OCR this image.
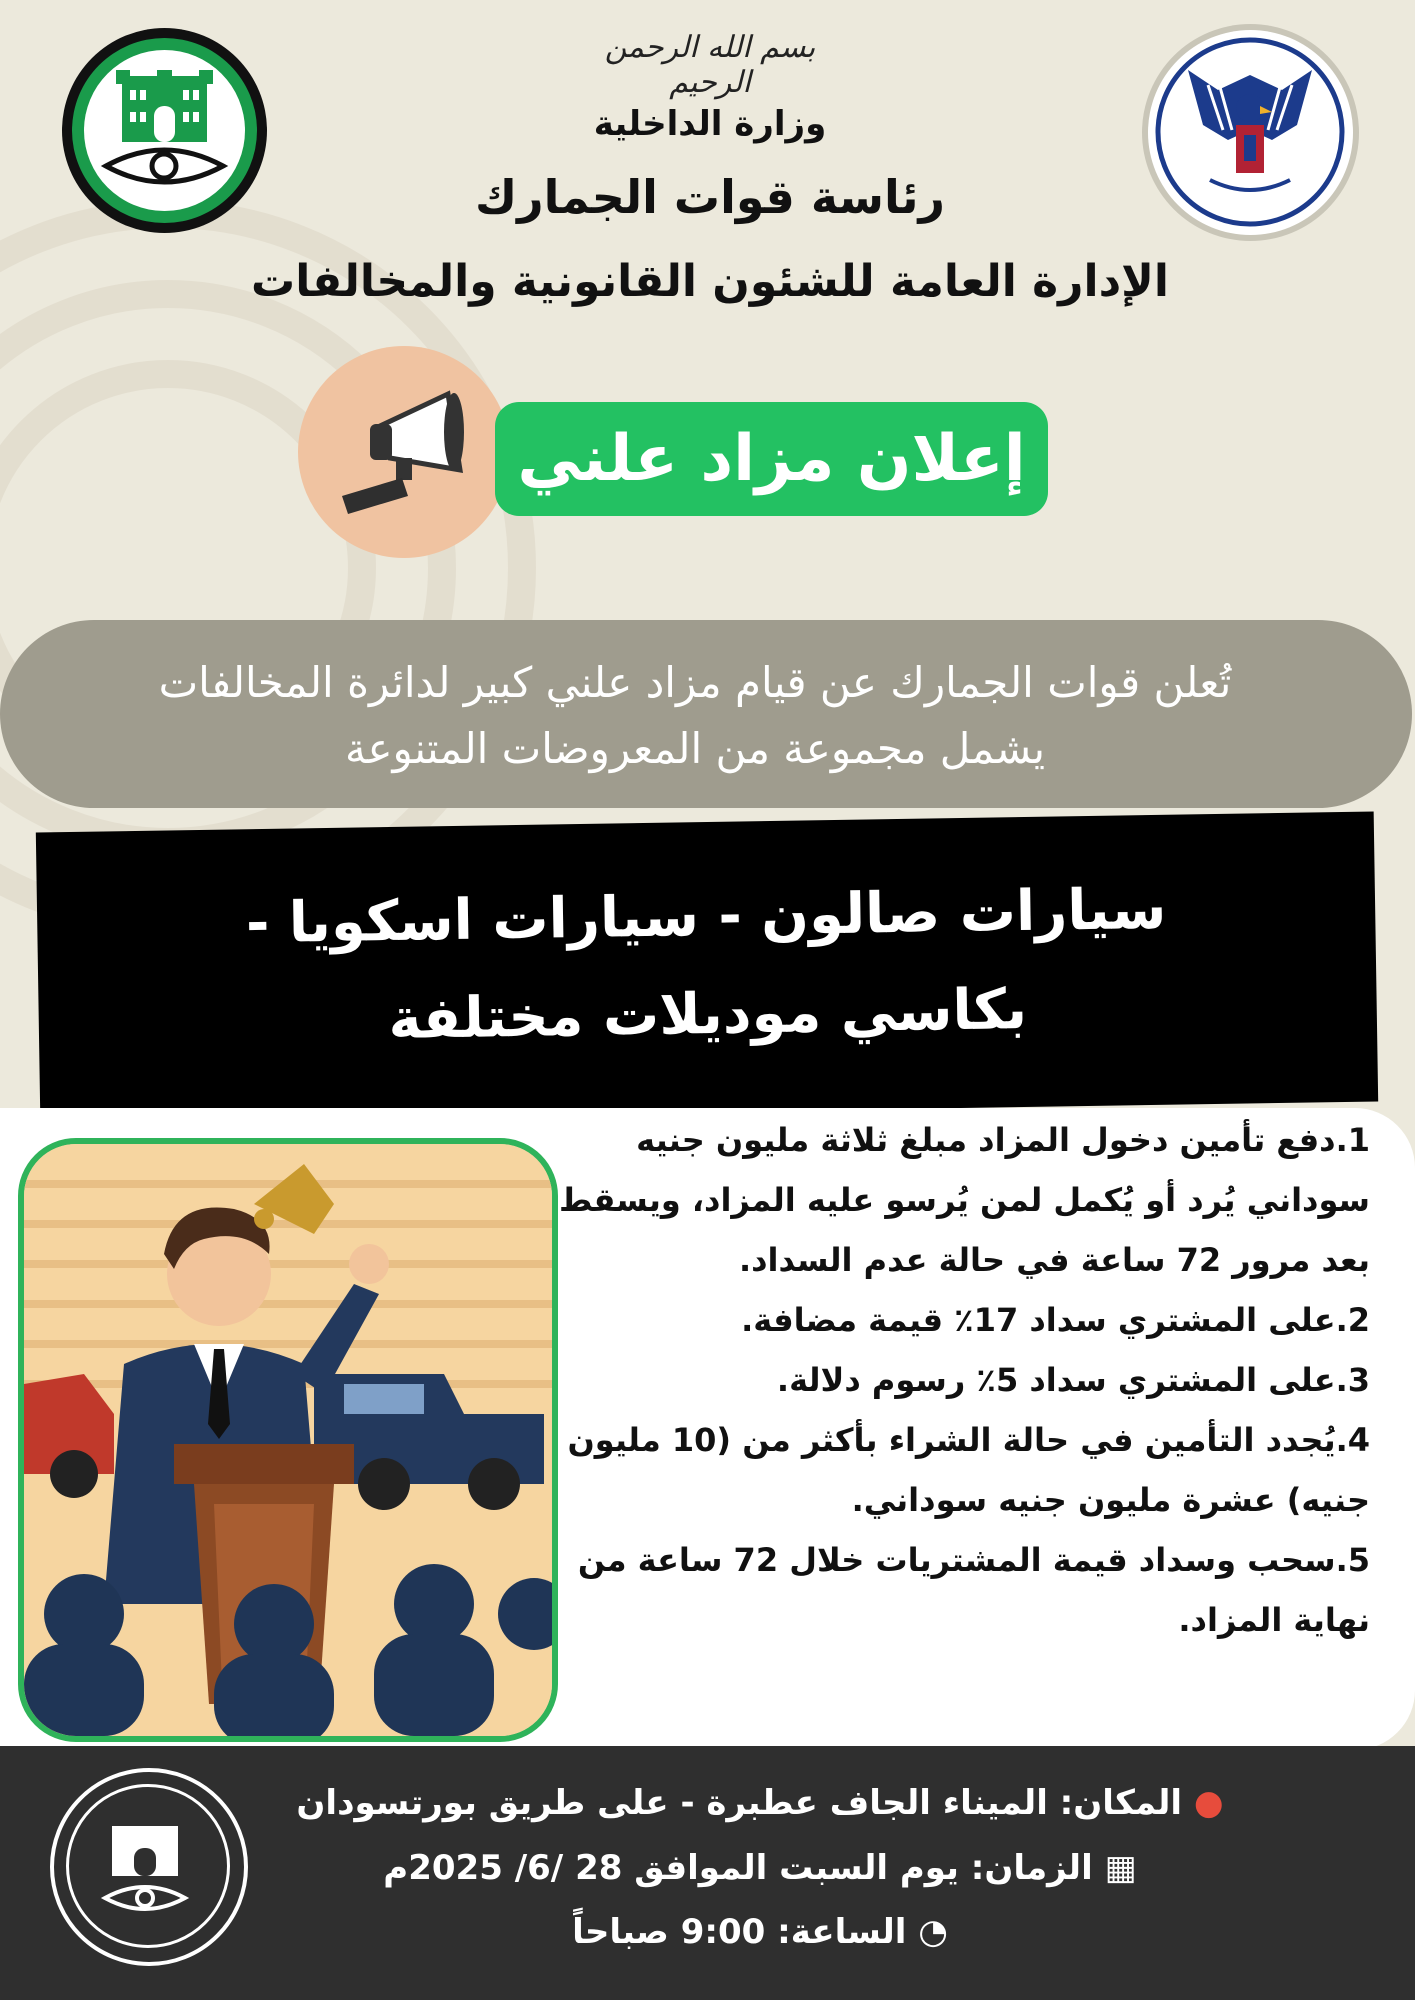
بسم الله الرحمن الرحيم
وزارة الداخلية
رئاسة قوات الجمارك
الإدارة العامة للشئون القانونية والمخالفات
إعلان مزاد علني
تُعلن قوات الجمارك عن قيام مزاد علني كبير لدائرة المخالفات
يشمل مجموعة من المعروضات المتنوعة
سيارات صالون - سيارات اسكويا -
بكاسي موديلات مختلفة
1.دفع تأمين دخول المزاد مبلغ ثلاثة مليون جنيه سوداني يُرد أو يُكمل لمن يُرسو عليه المزاد، ويسقط بعد مرور 72 ساعة في حالة عدم السداد.
2.على المشتري سداد 17٪ قيمة مضافة.
3.على المشتري سداد 5٪ رسوم دلالة.
4.يُجدد التأمين في حالة الشراء بأكثر من (10 مليون جنيه) عشرة مليون جنيه سوداني.
5.سحب وسداد قيمة المشتريات خلال 72 ساعة من نهاية المزاد.
● المكان: الميناء الجاف عطبرة - على طريق بورتسودان
▦ الزمان: يوم السبت الموافق 28 /6/ 2025م
◔ الساعة: 9:00 صباحاً
